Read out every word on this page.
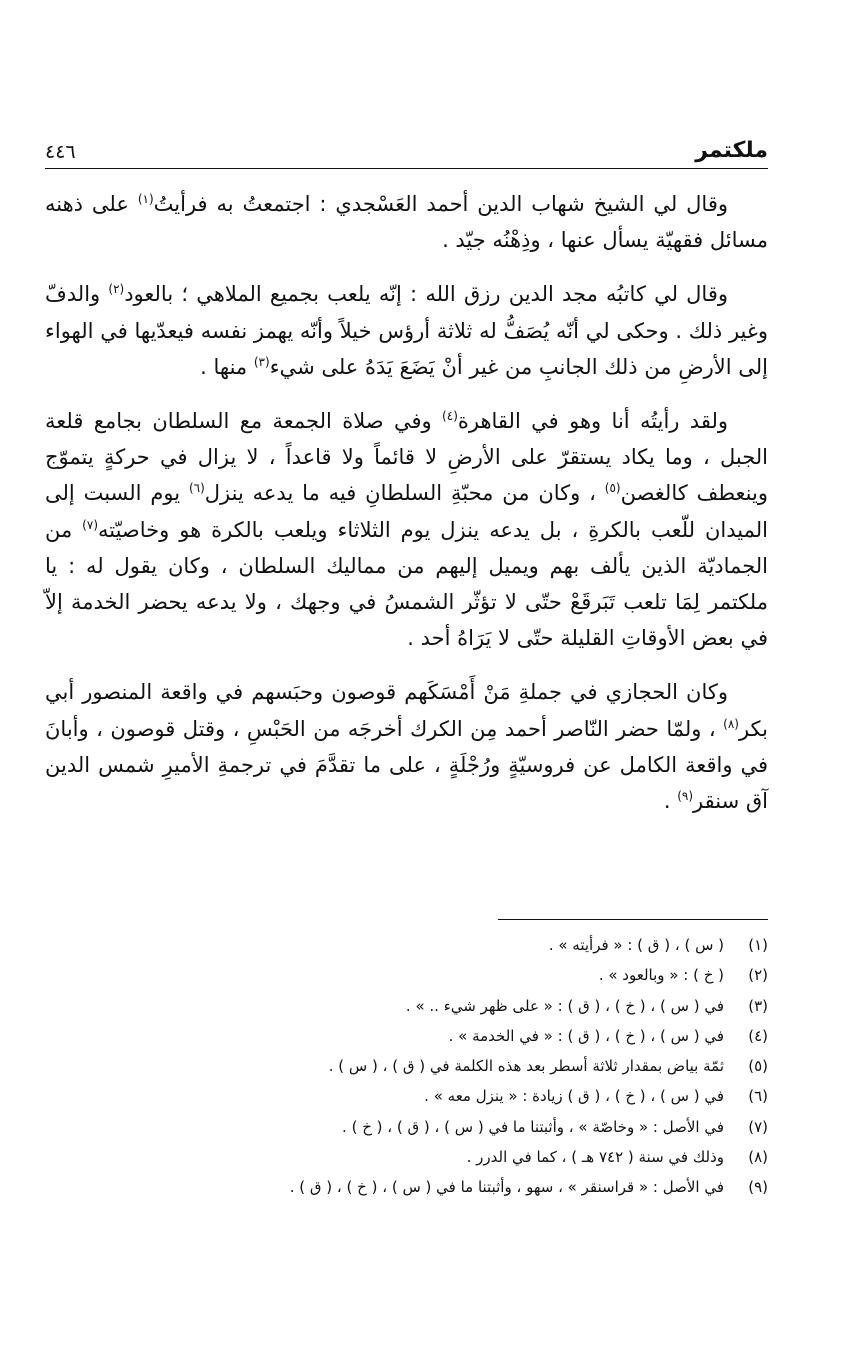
ملكتمر
٤٤٦

وقال لي الشيخ شهاب الدين أحمد العَسْجدي : اجتمعتُ به فرأيتُ$^{(١)}$ على ذهنه مسائل فقهيّة يسأل عنها ، وذِهْنُه جيّد .

وقال لي كاتبُه مجد الدين رزق الله : إنّه يلعب بجميع الملاهي ؛ بالعود$^{(٢)}$ والدفّ وغير ذلك . وحكى لي أنّه يُصَفُّ له ثلاثة أرؤس خيلاً وأنّه يهمز نفسه فيعدّيها في الهواء إلى الأرضِ من ذلك الجانبِ من غير أنْ يَضَعَ يَدَهُ على شيء$^{(٣)}$ منها .

ولقد رأيتُه أنا وهو في القاهرة$^{(٤)}$ وفي صلاة الجمعة مع السلطان بجامع قلعة الجبل ، وما يكاد يستقرّ على الأرضِ لا قائماً ولا قاعداً ، لا يزال في حركةٍ يتموّج وينعطف كالغصن$^{(٥)}$ ، وكان من محبّةِ السلطانِ فيه ما يدعه ينزل$^{(٦)}$ يوم السبت إلى الميدان للّعب بالكرةِ ، بل يدعه ينزل يوم الثلاثاء ويلعب بالكرة هو وخاصيّته$^{(٧)}$ من الجماديّة الذين يألف بهم ويميل إليهم من مماليك السلطان ، وكان يقول له : يا ملكتمر لِمَا تلعب تَبَرقَعْ حتّى لا تؤثّر الشمسُ في وجهك ، ولا يدعه يحضر الخدمة إلاّ في بعض الأوقاتِ القليلة حتّى لا يَرَاهُ أحد .

وكان الحجازي في جملةِ مَنْ أَمْسَكَهم قوصون وحبَسهم في واقعة المنصور أبي بكر$^{(٨)}$ ، ولمّا حضر النّاصر أحمد مِن الكرك أخرجَه من الحَبْسِ ، وقتل قوصون ، وأبانَ في واقعة الكامل عن فروسيّةٍ ورُجْلَةٍ ، على ما تقدَّمَ في ترجمةِ الأميرِ شمس الدين آق سنقر$^{(٩)}$ .

(١)
( س ) ، ( ق ) : « فرأيته » .
(٢)
( خ ) : « وبالعود » .
(٣)
في ( س ) ، ( خ ) ، ( ق ) : « على ظهر شيء .. » .
(٤)
في ( س ) ، ( خ ) ، ( ق ) : « في الخدمة » .
(٥)
ثمّة بياض بمقدار ثلاثة أسطر بعد هذه الكلمة في ( ق ) ، ( س ) .
(٦)
في ( س ) ، ( خ ) ، ( ق ) زيادة : « ينزل معه » .
(٧)
في الأصل : « وخاصّة » ، وأثبتنا ما في ( س ) ، ( ق ) ، ( خ ) .
(٨)
وذلك في سنة ( ٧٤٢ هـ ) ، كما في الدرر .
(٩)
في الأصل : « قراسنقر » ، سهو ، وأثبتنا ما في ( س ) ، ( خ ) ، ( ق ) .
